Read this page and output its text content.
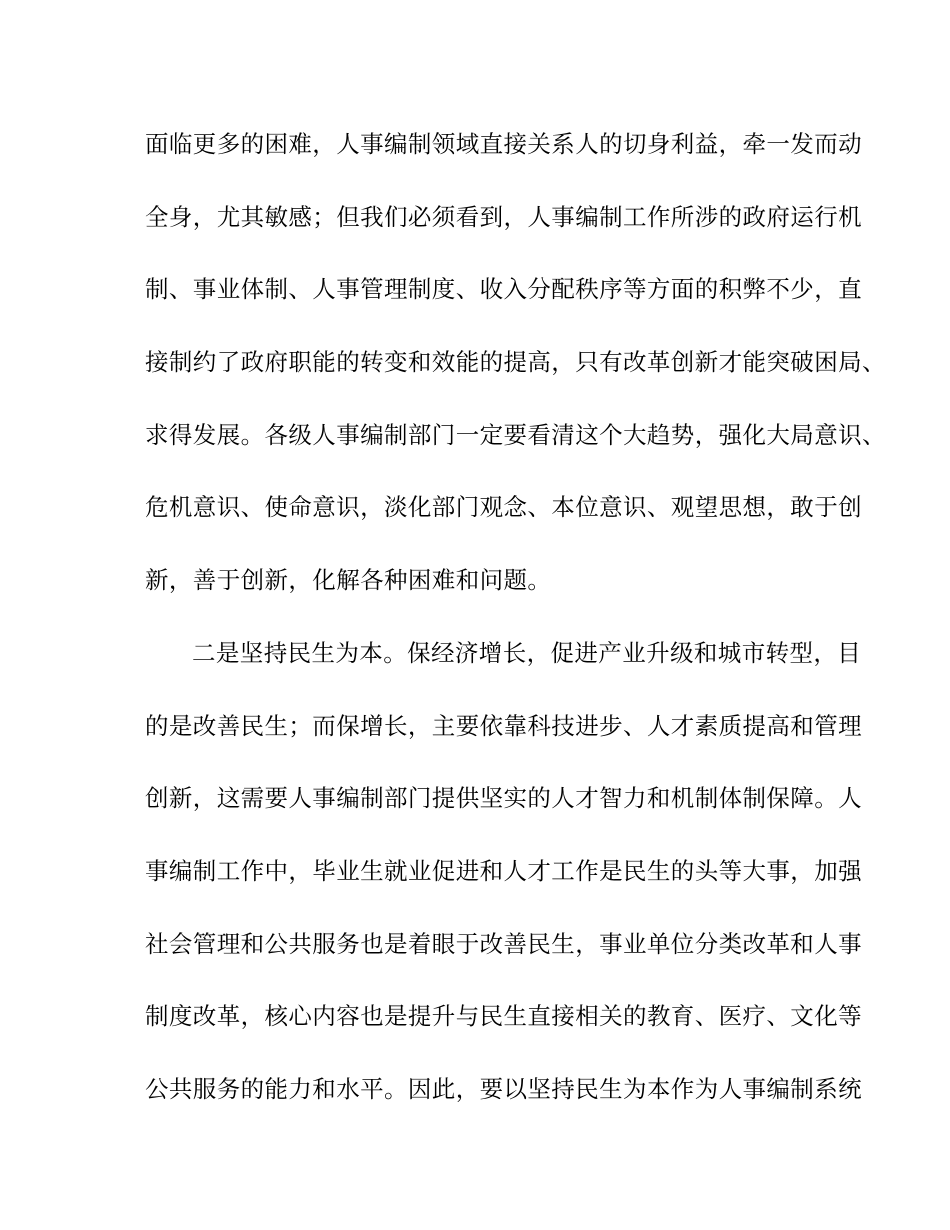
面临更多的困难，人事编制领域直接关系人的切身利益，牵一发而动
全身，尤其敏感；但我们必须看到，人事编制工作所涉的政府运行机
制、事业体制、人事管理制度、收入分配秩序等方面的积弊不少，直
接制约了政府职能的转变和效能的提高，只有改革创新才能突破困局、
求得发展。各级人事编制部门一定要看清这个大趋势，强化大局意识、
危机意识、使命意识，淡化部门观念、本位意识、观望思想，敢于创
新，善于创新，化解各种困难和问题。
二是坚持民生为本。保经济增长，促进产业升级和城市转型，目
的是改善民生；而保增长，主要依靠科技进步、人才素质提高和管理
创新，这需要人事编制部门提供坚实的人才智力和机制体制保障。人
事编制工作中，毕业生就业促进和人才工作是民生的头等大事，加强
社会管理和公共服务也是着眼于改善民生，事业单位分类改革和人事
制度改革，核心内容也是提升与民生直接相关的教育、医疗、文化等
公共服务的能力和水平。因此，要以坚持民生为本作为人事编制系统
